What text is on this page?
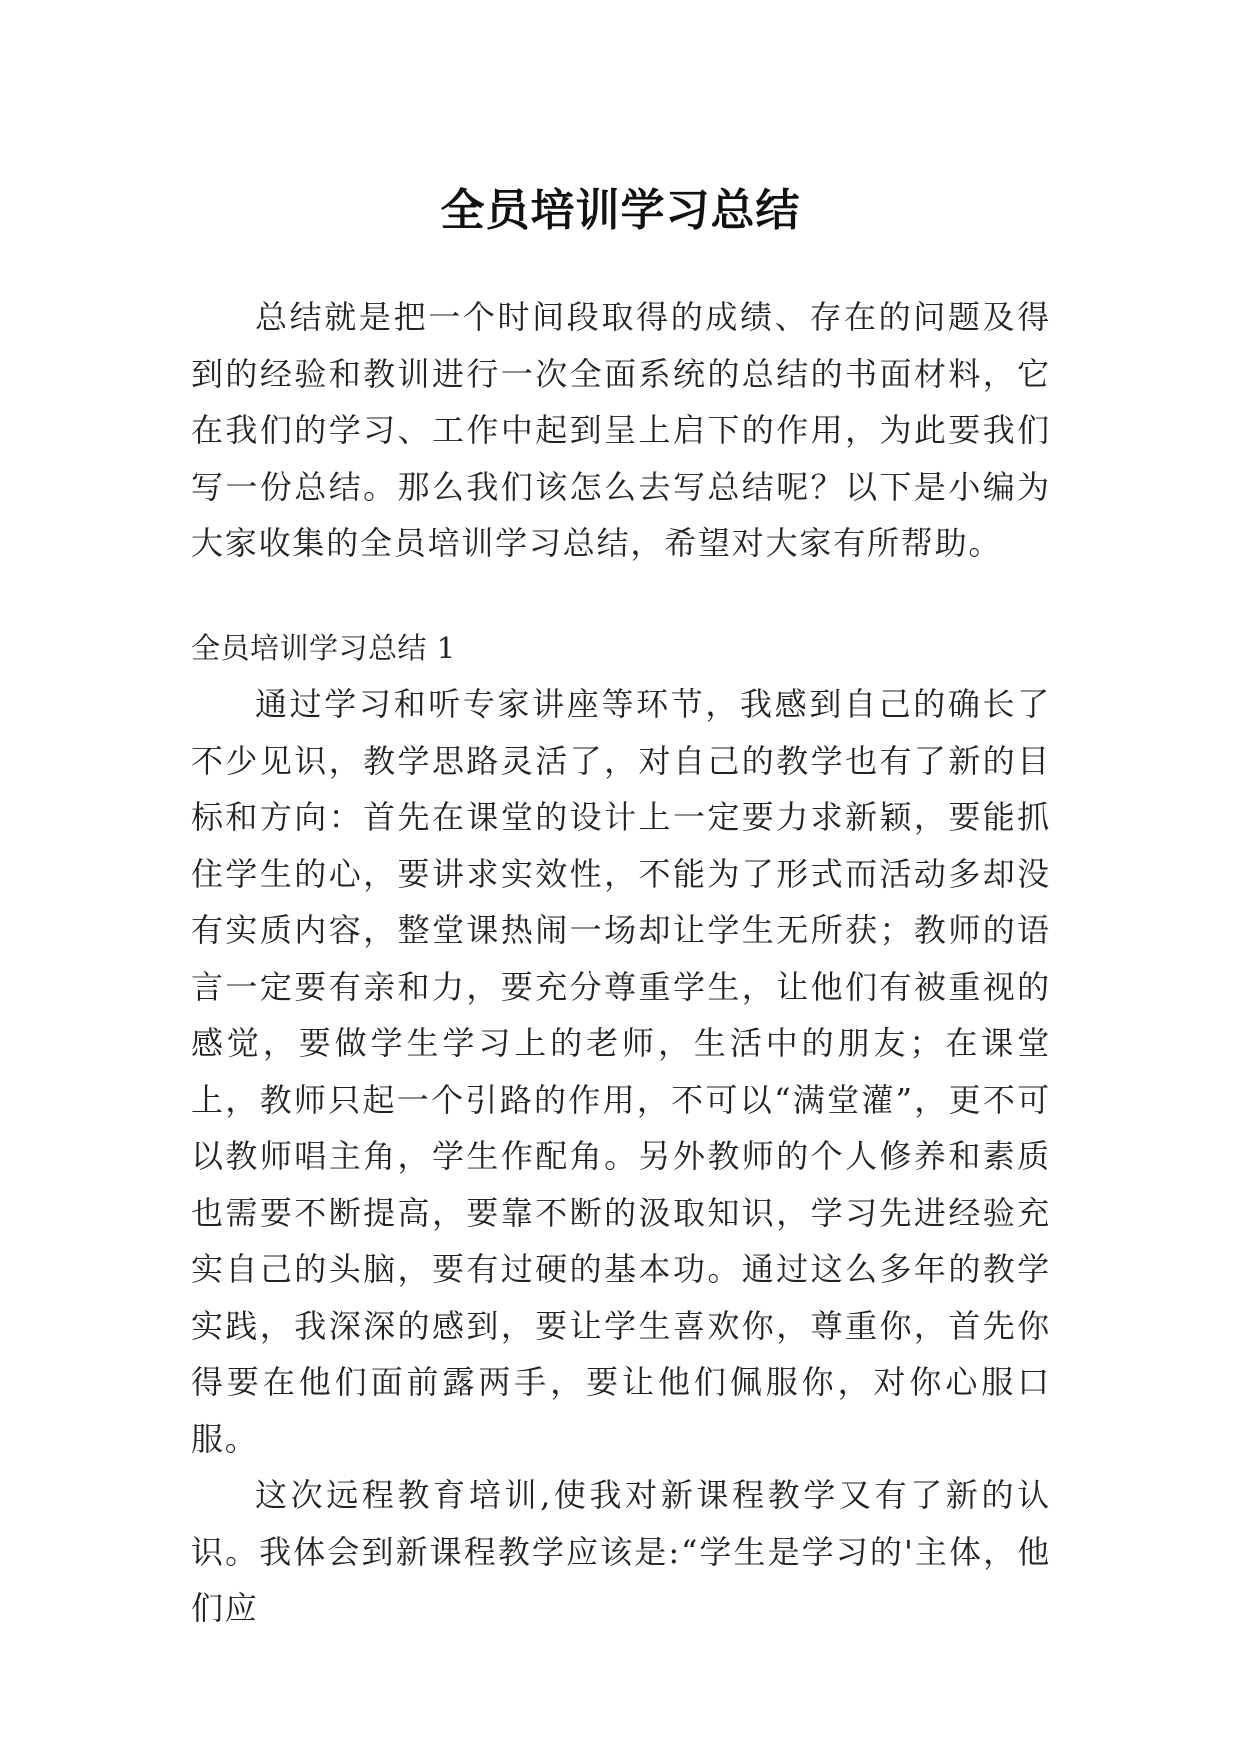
全员培训学习总结

总结就是把一个时间段取得的成绩、存在的问题及得到的经验和教训进行一次全面系统的总结的书面材料，它在我们的学习、工作中起到呈上启下的作用，为此要我们写一份总结。那么我们该怎么去写总结呢？以下是小编为大家收集的全员培训学习总结，希望对大家有所帮助。

全员培训学习总结 1

通过学习和听专家讲座等环节，我感到自己的确长了不少见识，教学思路灵活了，对自己的教学也有了新的目标和方向：首先在课堂的设计上一定要力求新颖，要能抓住学生的心，要讲求实效性，不能为了形式而活动多却没有实质内容，整堂课热闹一场却让学生无所获；教师的语言一定要有亲和力，要充分尊重学生，让他们有被重视的感觉，要做学生学习上的老师，生活中的朋友；在课堂上，教师只起一个引路的作用，不可以“满堂灌”，更不可以教师唱主角，学生作配角。另外教师的个人修养和素质也需要不断提高，要靠不断的汲取知识，学习先进经验充实自己的头脑，要有过硬的基本功。通过这么多年的教学实践，我深深的感到，要让学生喜欢你，尊重你，首先你得要在他们面前露两手，要让他们佩服你，对你心服口服。

这次远程教育培训,使我对新课程教学又有了新的认识。我体会到新课程教学应该是:“学生是学习的'主体，他们应
